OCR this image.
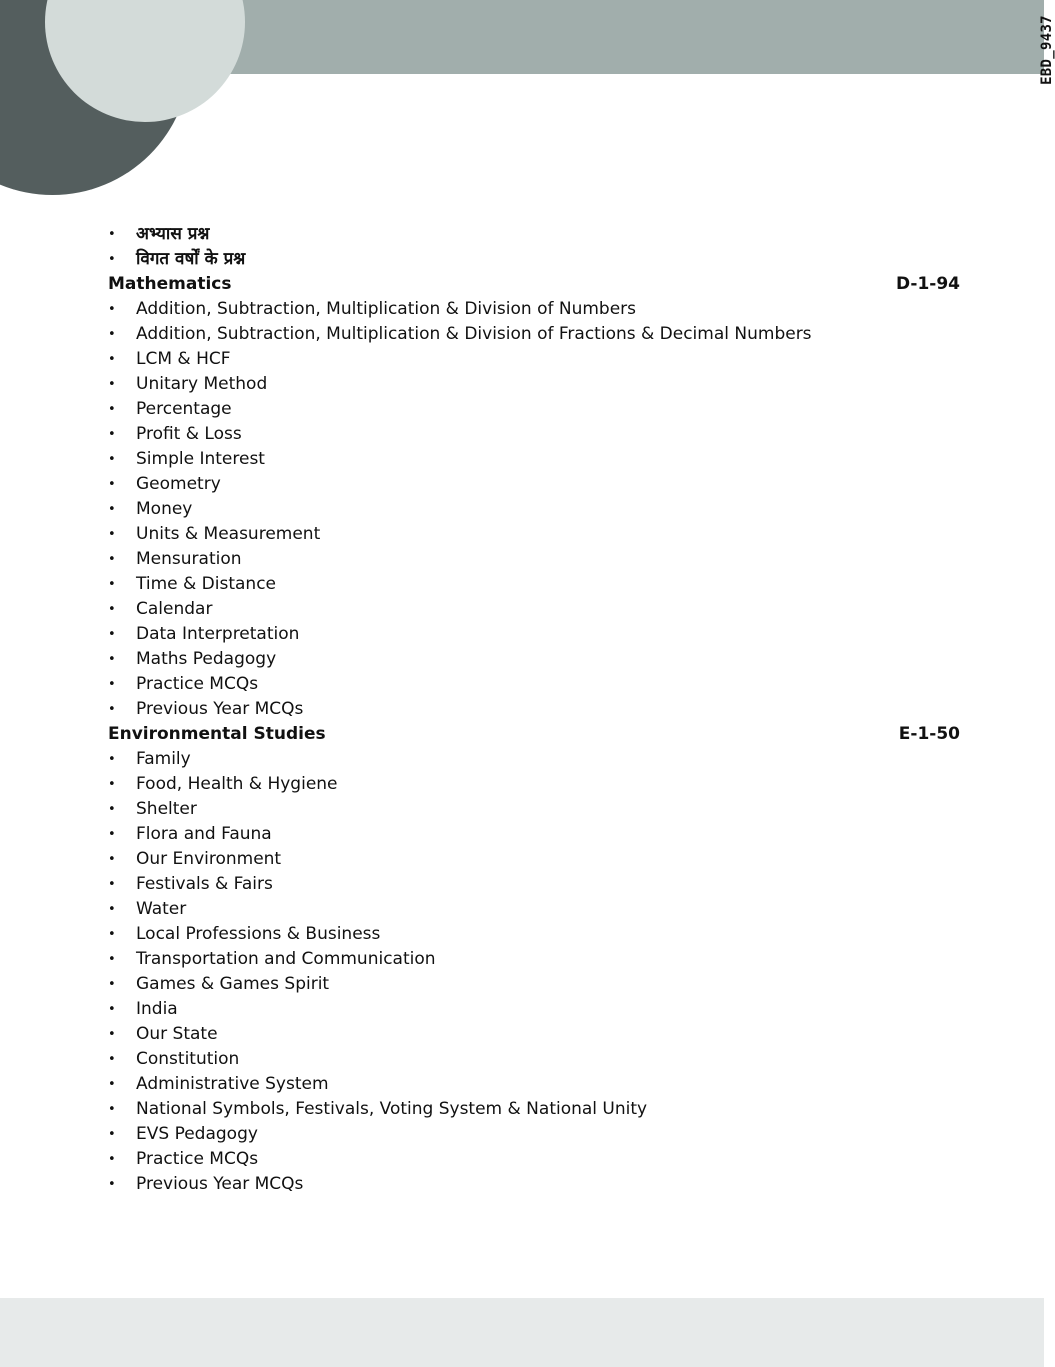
EBD_9437
• अभ्यास प्रश्न
• विगत वर्षों के प्रश्न
Mathematics	D-1-94
• Addition, Subtraction, Multiplication & Division of Numbers
• Addition, Subtraction, Multiplication & Division of Fractions & Decimal Numbers
• LCM & HCF
• Unitary Method
• Percentage
• Profit & Loss
• Simple Interest
• Geometry
• Money
• Units & Measurement
• Mensuration
• Time & Distance
• Calendar
• Data Interpretation
• Maths Pedagogy
• Practice MCQs
• Previous Year MCQs
Environmental Studies	E-1-50
• Family
• Food, Health & Hygiene
• Shelter
• Flora and Fauna
• Our Environment
• Festivals & Fairs
• Water
• Local Professions & Business
• Transportation and Communication
• Games & Games Spirit
• India
• Our State
• Constitution
• Administrative System
• National Symbols, Festivals, Voting System & National Unity
• EVS Pedagogy
• Practice MCQs
• Previous Year MCQs
